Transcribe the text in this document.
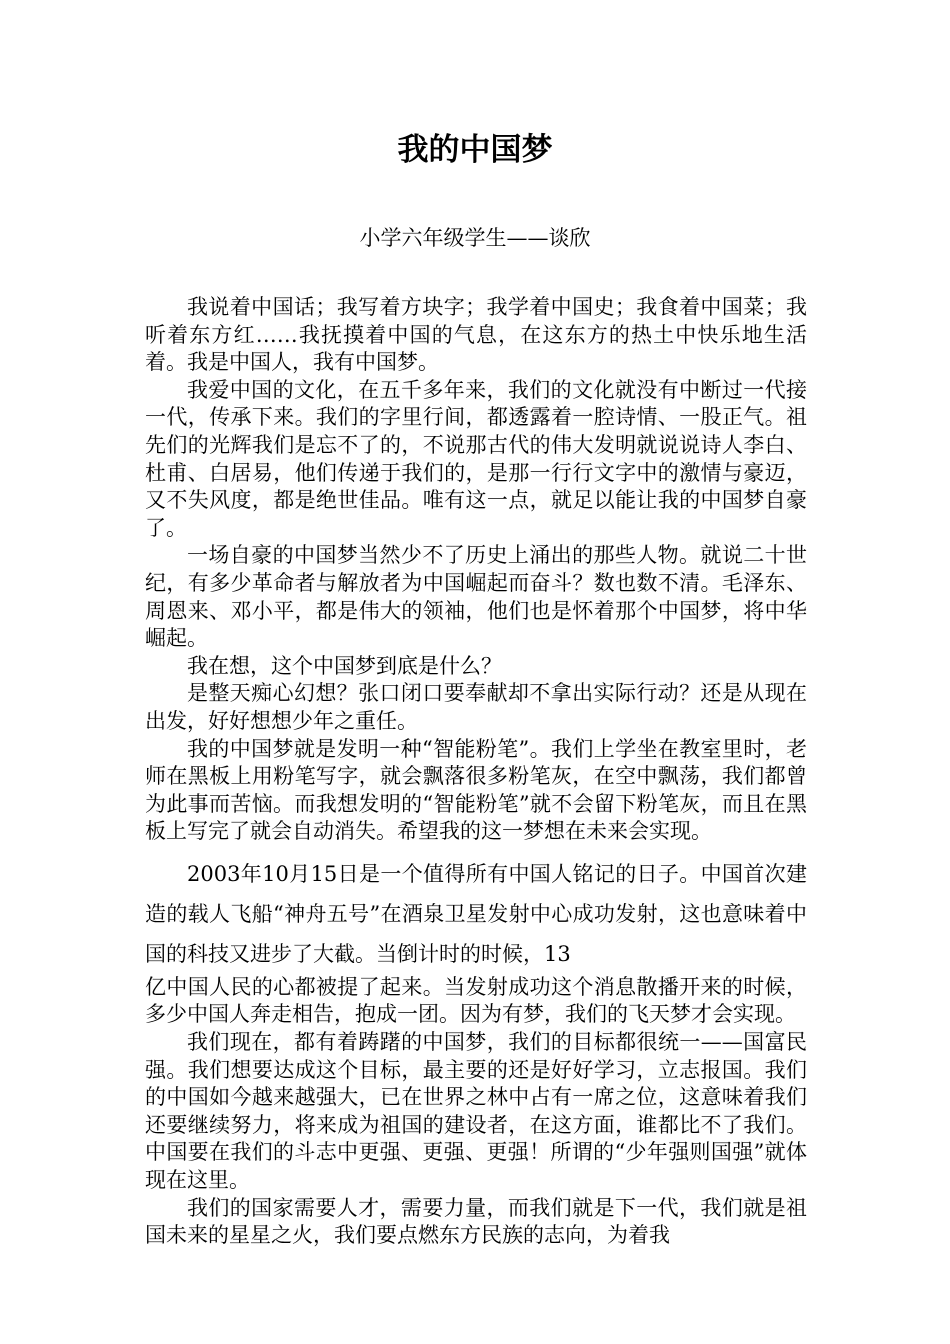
我的中国梦
小学六年级学生——谈欣

我说着中国话；我写着方块字；我学着中国史；我食着中国菜；我听着东方红……我抚摸着中国的气息，在这东方的热土中快乐地生活着。我是中国人，我有中国梦。

我爱中国的文化，在五千多年来，我们的文化就没有中断过一代接一代，传承下来。我们的字里行间，都透露着一腔诗情、一股正气。祖先们的光辉我们是忘不了的，不说那古代的伟大发明就说说诗人李白、杜甫、白居易，他们传递于我们的，是那一行行文字中的激情与豪迈，又不失风度，都是绝世佳品。唯有这一点，就足以能让我的中国梦自豪了。

一场自豪的中国梦当然少不了历史上涌出的那些人物。就说二十世纪，有多少革命者与解放者为中国崛起而奋斗？数也数不清。毛泽东、周恩来、邓小平，都是伟大的领袖，他们也是怀着那个中国梦，将中华崛起。

我在想，这个中国梦到底是什么？

是整天痴心幻想？张口闭口要奉献却不拿出实际行动？还是从现在出发，好好想想少年之重任。

我的中国梦就是发明一种“智能粉笔”。我们上学坐在教室里时，老师在黑板上用粉笔写字，就会飘落很多粉笔灰，在空中飘荡，我们都曾为此事而苦恼。而我想发明的“智能粉笔”就不会留下粉笔灰，而且在黑板上写完了就会自动消失。希望我的这一梦想在未来会实现。

2003年10月15日是一个值得所有中国人铭记的日子。中国首次建造的载人飞船“神舟五号”在酒泉卫星发射中心成功发射，这也意味着中国的科技又进步了大截。当倒计时的时候，13

亿中国人民的心都被提了起来。当发射成功这个消息散播开来的时候，多少中国人奔走相告，抱成一团。因为有梦，我们的飞天梦才会实现。

我们现在，都有着踌躇的中国梦，我们的目标都很统一——国富民强。我们想要达成这个目标，最主要的还是好好学习，立志报国。我们的中国如今越来越强大，已在世界之林中占有一席之位，这意味着我们还要继续努力，将来成为祖国的建设者，在这方面，谁都比不了我们。中国要在我们的斗志中更强、更强、更强！所谓的“少年强则国强”就体现在这里。

我们的国家需要人才，需要力量，而我们就是下一代，我们就是祖国未来的星星之火，我们要点燃东方民族的志向，为着我
